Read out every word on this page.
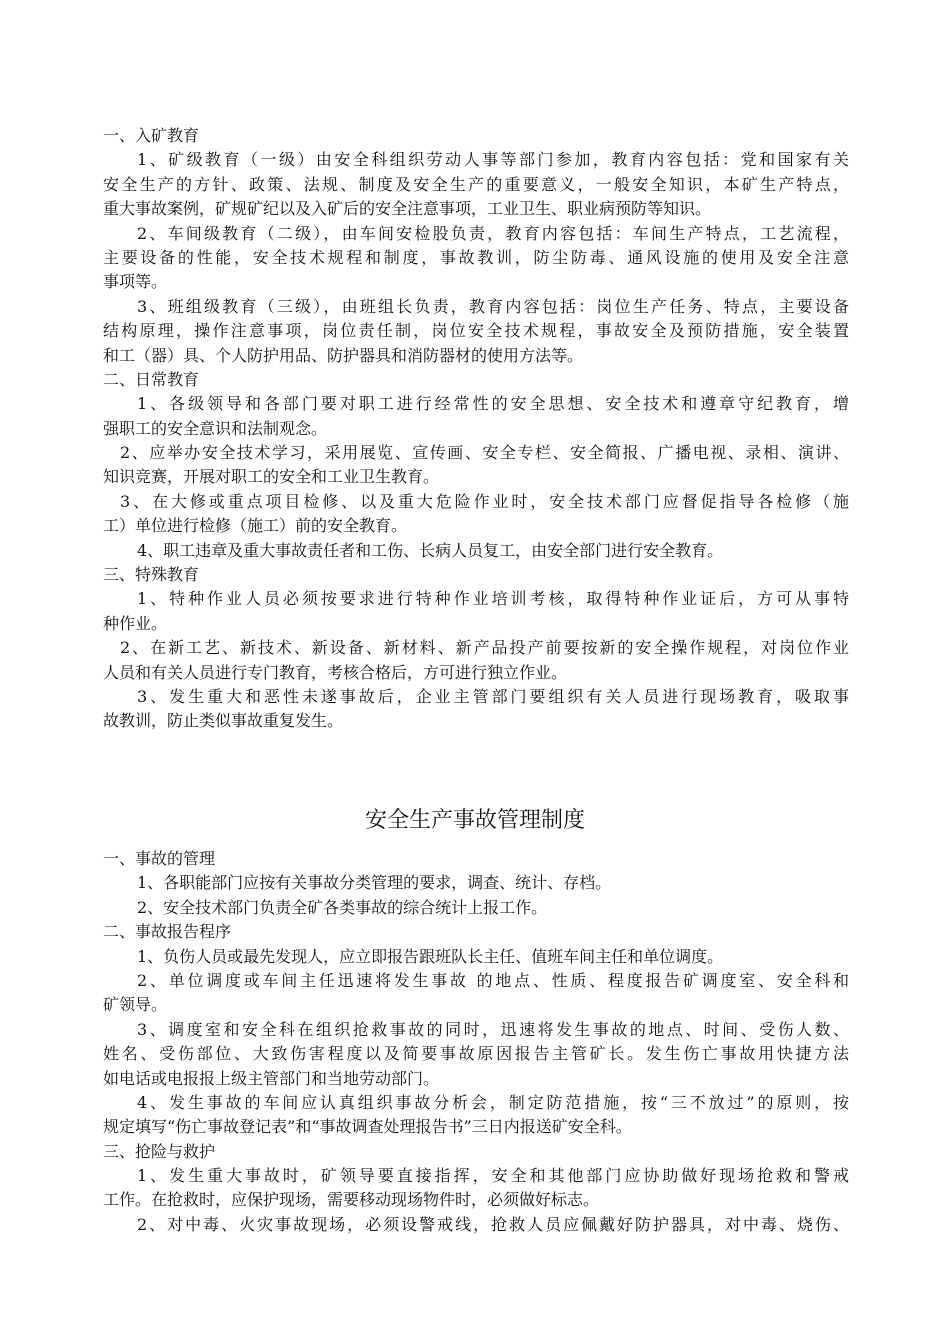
一、入矿教育
1、矿级教育（一级）由安全科组织劳动人事等部门参加，教育内容包括：党和国家有关
安全生产的方针、政策、法规、制度及安全生产的重要意义，一般安全知识，本矿生产特点，
重大事故案例，矿规矿纪以及入矿后的安全注意事项，工业卫生、职业病预防等知识。
2、车间级教育（二级），由车间安检股负责，教育内容包括：车间生产特点，工艺流程，
主要设备的性能，安全技术规程和制度，事故教训，防尘防毒、通风设施的使用及安全注意
事项等。
3、班组级教育（三级），由班组长负责，教育内容包括：岗位生产任务、特点，主要设备
结构原理，操作注意事项，岗位责任制，岗位安全技术规程，事故安全及预防措施，安全装置
和工（器）具、个人防护用品、防护器具和消防器材的使用方法等。
二、日常教育
1、各级领导和各部门要对职工进行经常性的安全思想、安全技术和遵章守纪教育，增
强职工的安全意识和法制观念。
2、应举办安全技术学习，采用展览、宣传画、安全专栏、安全简报、广播电视、录相、演讲、
知识竞赛，开展对职工的安全和工业卫生教育。
3、在大修或重点项目检修、以及重大危险作业时，安全技术部门应督促指导各检修（施
工）单位进行检修（施工）前的安全教育。
4、职工违章及重大事故责任者和工伤、长病人员复工，由安全部门进行安全教育。
三、特殊教育
1、特种作业人员必须按要求进行特种作业培训考核，取得特种作业证后，方可从事特
种作业。
2、在新工艺、新技术、新设备、新材料、新产品投产前要按新的安全操作规程，对岗位作业
人员和有关人员进行专门教育，考核合格后，方可进行独立作业。
3、发生重大和恶性未遂事故后，企业主管部门要组织有关人员进行现场教育，吸取事
故教训，防止类似事故重复发生。
安全生产事故管理制度
一、事故的管理
1、各职能部门应按有关事故分类管理的要求，调查、统计、存档。
2、安全技术部门负责全矿各类事故的综合统计上报工作。
二、事故报告程序
1、负伤人员或最先发现人，应立即报告跟班队长主任、值班车间主任和单位调度。
2、单位调度或车间主任迅速将发生事故 的地点、性质、程度报告矿调度室、安全科和
矿领导。
3、调度室和安全科在组织抢救事故的同时，迅速将发生事故的地点、时间、受伤人数、
姓名、受伤部位、大致伤害程度以及简要事故原因报告主管矿长。发生伤亡事故用快捷方法
如电话或电报报上级主管部门和当地劳动部门。
4、发生事故的车间应认真组织事故分析会，制定防范措施，按“三不放过”的原则，按
规定填写“伤亡事故登记表”和“事故调查处理报告书”三日内报送矿安全科。
三、抢险与救护
1、发生重大事故时，矿领导要直接指挥，安全和其他部门应协助做好现场抢救和警戒
工作。在抢救时，应保护现场，需要移动现场物件时，必须做好标志。
2、对中毒、火灾事故现场，必须设警戒线，抢救人员应佩戴好防护器具，对中毒、烧伤、
